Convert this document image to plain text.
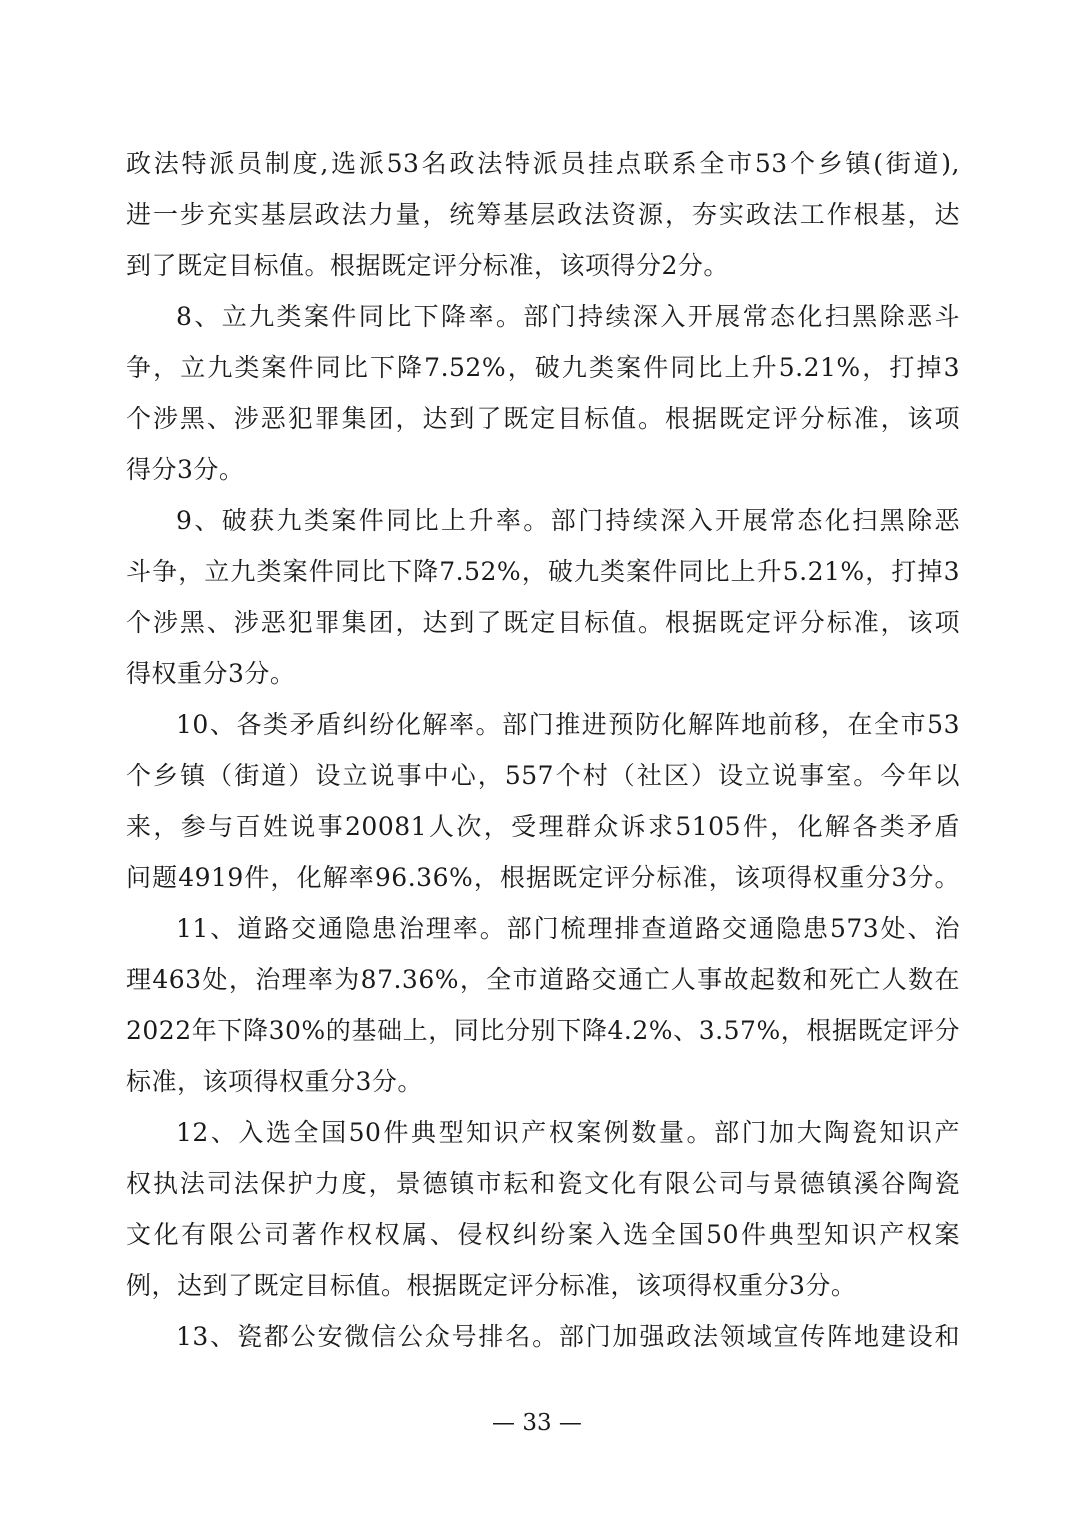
政法特派员制度,选派53名政法特派员挂点联系全市53个乡镇(街道),
进一步充实基层政法力量，统筹基层政法资源，夯实政法工作根基，达
到了既定目标值。根据既定评分标准，该项得分2分。
8、立九类案件同比下降率。部门持续深入开展常态化扫黑除恶斗
争，立九类案件同比下降7.52%，破九类案件同比上升5.21%，打掉3
个涉黑、涉恶犯罪集团，达到了既定目标值。根据既定评分标准，该项
得分3分。
9、破获九类案件同比上升率。部门持续深入开展常态化扫黑除恶
斗争，立九类案件同比下降7.52%，破九类案件同比上升5.21%，打掉3
个涉黑、涉恶犯罪集团，达到了既定目标值。根据既定评分标准，该项
得权重分3分。
10、各类矛盾纠纷化解率。部门推进预防化解阵地前移，在全市53
个乡镇（街道）设立说事中心，557个村（社区）设立说事室。今年以
来，参与百姓说事20081人次，受理群众诉求5105件，化解各类矛盾
问题4919件，化解率96.36%，根据既定评分标准，该项得权重分3分。
11、道路交通隐患治理率。部门梳理排查道路交通隐患573处、治
理463处，治理率为87.36%，全市道路交通亡人事故起数和死亡人数在
2022年下降30%的基础上，同比分别下降4.2%、3.57%，根据既定评分
标准，该项得权重分3分。
12、入选全国50件典型知识产权案例数量。部门加大陶瓷知识产
权执法司法保护力度，景德镇市耘和瓷文化有限公司与景德镇溪谷陶瓷
文化有限公司著作权权属、侵权纠纷案入选全国50件典型知识产权案
例，达到了既定目标值。根据既定评分标准，该项得权重分3分。
13、瓷都公安微信公众号排名。部门加强政法领域宣传阵地建设和
— 33 —
